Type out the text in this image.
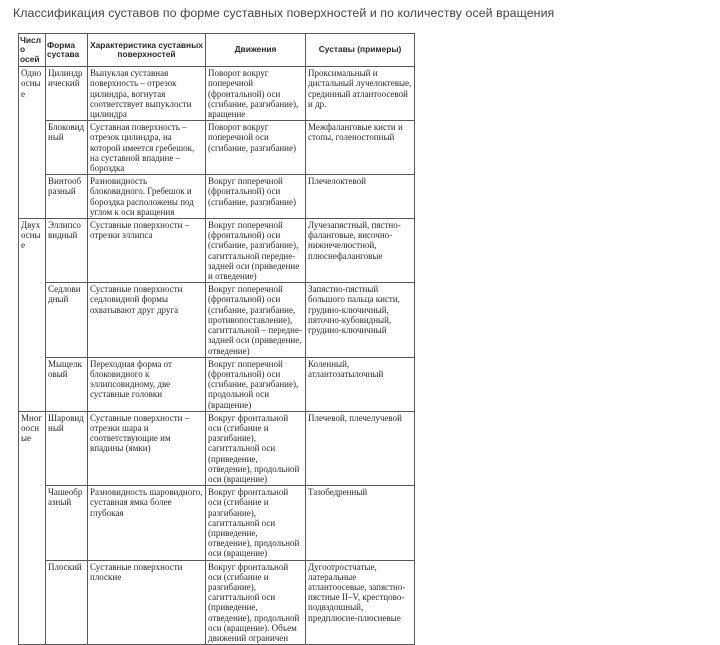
Классификация суставов по форме суставных поверхностей и по количеству осей вращения
Число осей	Форма сустава	Характеристика суставных поверхностей	Движения	Суставы (примеры)
Одноосные	Цилиндрический	Выпуклая суставная поверхность – отрезок цилиндра, вогнутая соответствует выпуклости цилиндра	Поворот вокруг поперечной (фронтальной) оси (сгибание, разгибание), вращение	Проксимальный и дистальный лучелоктевые, срединный атлантоосевой и др.
	Блоковидный	Суставная поверхность – отрезок цилиндра, на которой имеется гребешок, на суставной впадине – бороздка	Поворот вокруг поперечной оси (сгибание, разгибание)	Межфаланговые кисти и стопы, голеностопный
	Винтообразный	Разновидность блоковидного. Гребешок и бороздка расположены под углом к оси вращения	Вокруг поперечной (фронтальной) оси (сгибание, разгибание)	Плечелоктевой
Двухосные	Эллипсовидный	Суставные поверхности – отрезки эллипса	Вокруг поперечной (фронтальной) оси (сгибание, разгибание), сагиттальной передне-задней оси (приведение и отведение)	Лучезапястный, пястно-фаланговые, височно-нижнечелюстной, плюснефаланговые
	Седловидный	Суставные поверхности седловидной формы охватывают друг друга	Вокруг поперечной (фронтальной) оси (сгибание, разгибание, противопоставление), сагиттальной – передне-задней оси (приведение, отведение)	Запястно-пястный большого пальца кисти, грудино-ключичный, пяточно-кубовидный, грудино-ключичный
	Мыщелковый	Переходная форма от блоковидного к эллипсовидному, две суставные головки	Вокруг поперечной (фронтальной) оси (сгибание, разгибание), продольной оси (вращение)	Коленный, атлантозатылочный
Многоосные	Шаровидный	Суставные поверхности – отрезки шара и соответствующие им впадины (ямки)	Вокруг фронтальной оси (сгибание и разгибание), сагиттальной оси (приведение, отведение), продольной оси (вращение)	Плечевой, плечелучевой
	Чашеобразный	Разновидность шаровидного, суставная ямка более глубокая	Вокруг фронтальной оси (сгибание и разгибание), сагиттальной оси (приведение, отведение), продольной оси (вращение)	Тазобедренный
	Плоский	Суставные поверхности плоские	Вокруг фронтальной оси (сгибание и разгибание), сагиттальной оси (приведение, отведение), продольной оси (вращение). Объем движений ограничен	Дугоотростчатые, латеральные атлантоосевые, запястно-пястные II–V, крестцово-подвздошный, предплюсне-плюсневые
